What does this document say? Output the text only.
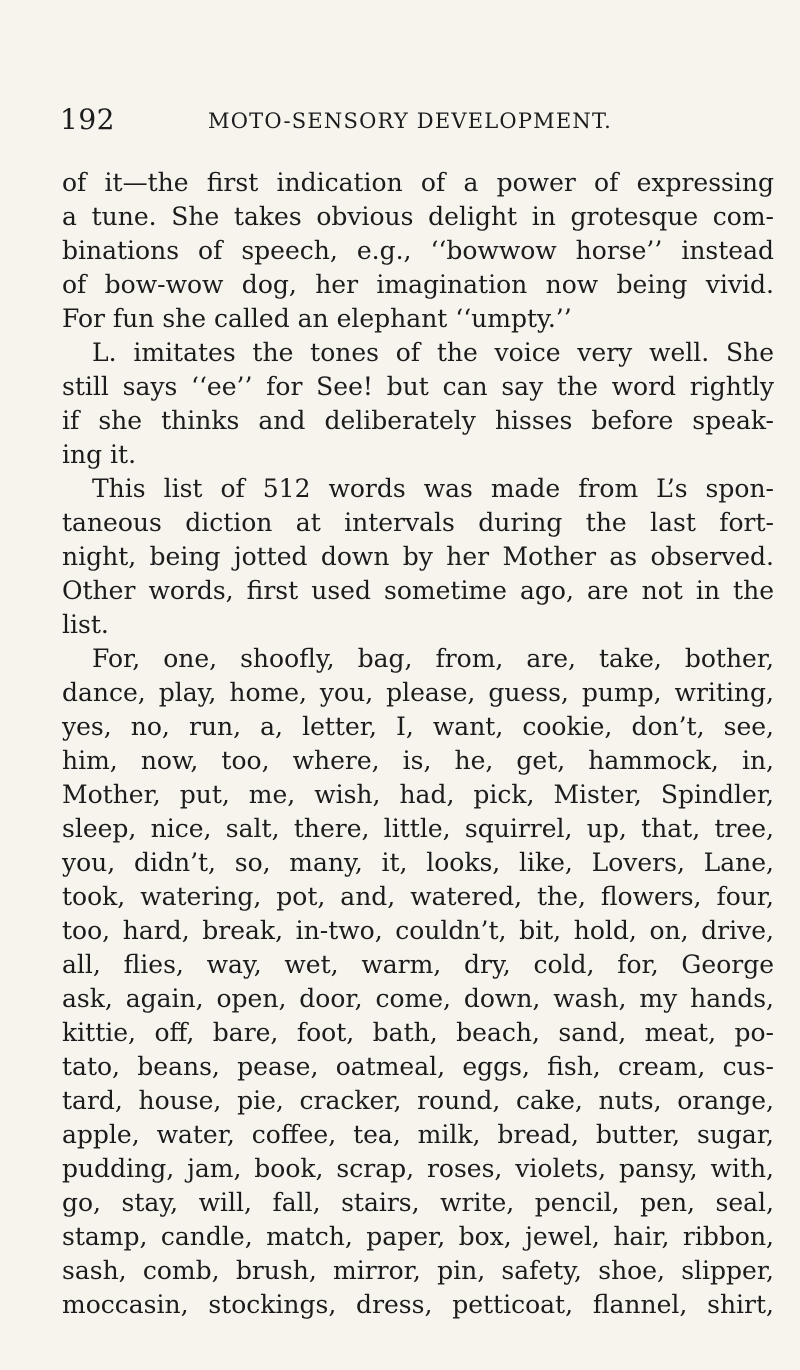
192	MOTO-SENSORY DEVELOPMENT.
of it—the first indication of a power of expressing
a tune. She takes obvious delight in grotesque com-
binations of speech, e.g., ‘‘bowwow horse’’ instead
of bow-wow dog, her imagination now being vivid.
For fun she called an elephant ‘‘umpty.’’
L. imitates the tones of the voice very well. She
still says ‘‘ee’’ for See! but can say the word rightly
if she thinks and deliberately hisses before speak-
ing it.
This list of 512 words was made from L’s spon-
taneous diction at intervals during the last fort-
night, being jotted down by her Mother as observed.
Other words, first used sometime ago, are not in the
list.
For, one, shoofly, bag, from, are, take, bother,
dance, play, home, you, please, guess, pump, writing,
yes, no, run, a, letter, I, want, cookie, don’t, see,
him, now, too, where, is, he, get, hammock, in,
Mother, put, me, wish, had, pick, Mister, Spindler,
sleep, nice, salt, there, little, squirrel, up, that, tree,
you, didn’t, so, many, it, looks, like, Lovers, Lane,
took, watering, pot, and, watered, the, flowers, four,
too, hard, break, in-two, couldn’t, bit, hold, on, drive,
all, flies, way, wet, warm, dry, cold, for, George
ask, again, open, door, come, down, wash, my hands,
kittie, off, bare, foot, bath, beach, sand, meat, po-
tato, beans, pease, oatmeal, eggs, fish, cream, cus-
tard, house, pie, cracker, round, cake, nuts, orange,
apple, water, coffee, tea, milk, bread, butter, sugar,
pudding, jam, book, scrap, roses, violets, pansy, with,
go, stay, will, fall, stairs, write, pencil, pen, seal,
stamp, candle, match, paper, box, jewel, hair, ribbon,
sash, comb, brush, mirror, pin, safety, shoe, slipper,
moccasin, stockings, dress, petticoat, flannel, shirt,
